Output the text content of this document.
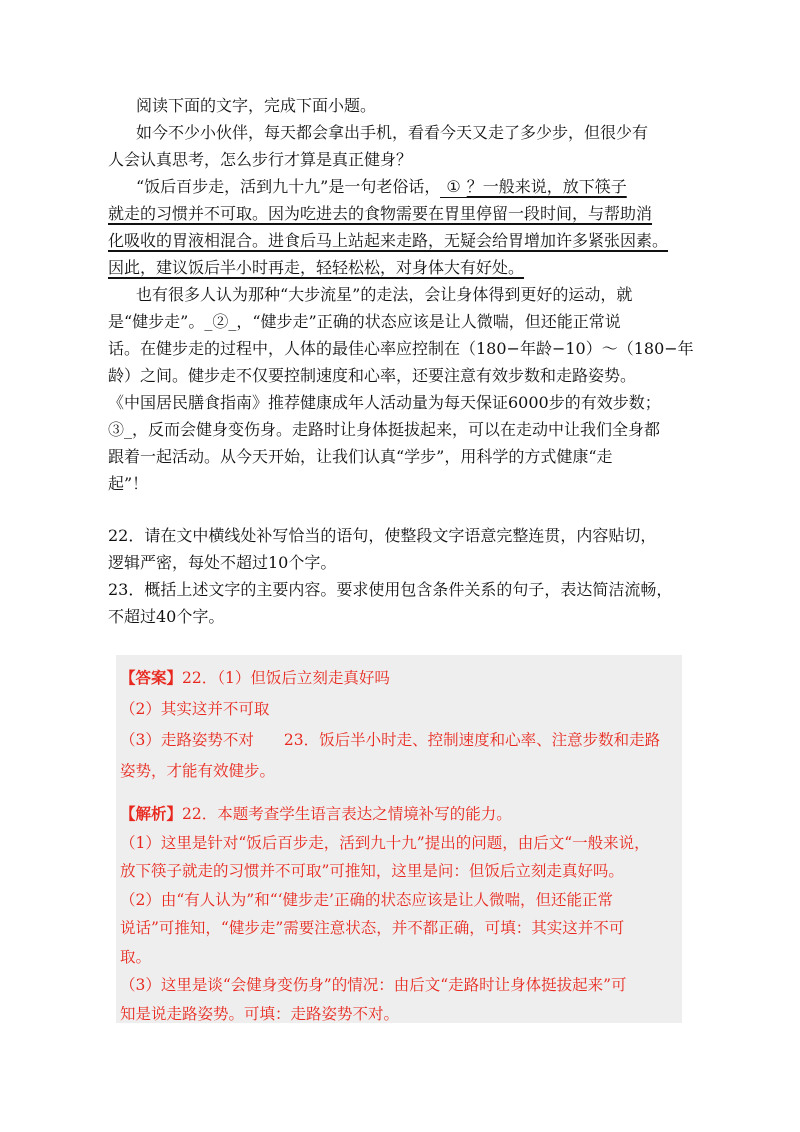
阅读下面的文字，完成下面小题。
如今不少小伙伴，每天都会拿出手机，看看今天又走了多少步，但很少有
人会认真思考，怎么步行才算是真正健身？
“饭后百步走，活到九十九”是一句老俗话， ① ？一般来说，放下筷子
就走的习惯并不可取。因为吃进去的食物需要在胃里停留一段时间，与帮助消
化吸收的胃液相混合。进食后马上站起来走路，无疑会给胃增加许多紧张因素。
因此，建议饭后半小时再走，轻轻松松，对身体大有好处。
也有很多人认为那种“大步流星”的走法，会让身体得到更好的运动，就
是“健步走”。_②_，“健步走”正确的状态应该是让人微喘，但还能正常说
话。在健步走的过程中，人体的最佳心率应控制在（180−年龄−10）～（180−年
龄）之间。健步走不仅要控制速度和心率，还要注意有效步数和走路姿势。
《中国居民膳食指南》推荐健康成年人活动量为每天保证6000步的有效步数；
③_，反而会健身变伤身。走路时让身体挺拔起来，可以在走动中让我们全身都
跟着一起活动。从今天开始，让我们认真“学步”，用科学的方式健康“走
起”！
22．请在文中横线处补写恰当的语句，使整段文字语意完整连贯，内容贴切，
逻辑严密，每处不超过10个字。
23．概括上述文字的主要内容。要求使用包含条件关系的句子，表达简洁流畅，
不超过40个字。
【答案】22．（1）但饭后立刻走真好吗
（2）其实这并不可取
（3）走路姿势不对 23．饭后半小时走、控制速度和心率、注意步数和走路
姿势，才能有效健步。
【解析】22．本题考查学生语言表达之情境补写的能力。
（1）这里是针对“饭后百步走，活到九十九”提出的问题，由后文“一般来说，
放下筷子就走的习惯并不可取”可推知，这里是问：但饭后立刻走真好吗。
（2）由“有人认为”和“‘健步走’正确的状态应该是让人微喘，但还能正常
说话”可推知，“健步走”需要注意状态，并不都正确，可填：其实这并不可
取。
（3）这里是谈“会健身变伤身”的情况：由后文“走路时让身体挺拔起来”可
知是说走路姿势。可填：走路姿势不对。
